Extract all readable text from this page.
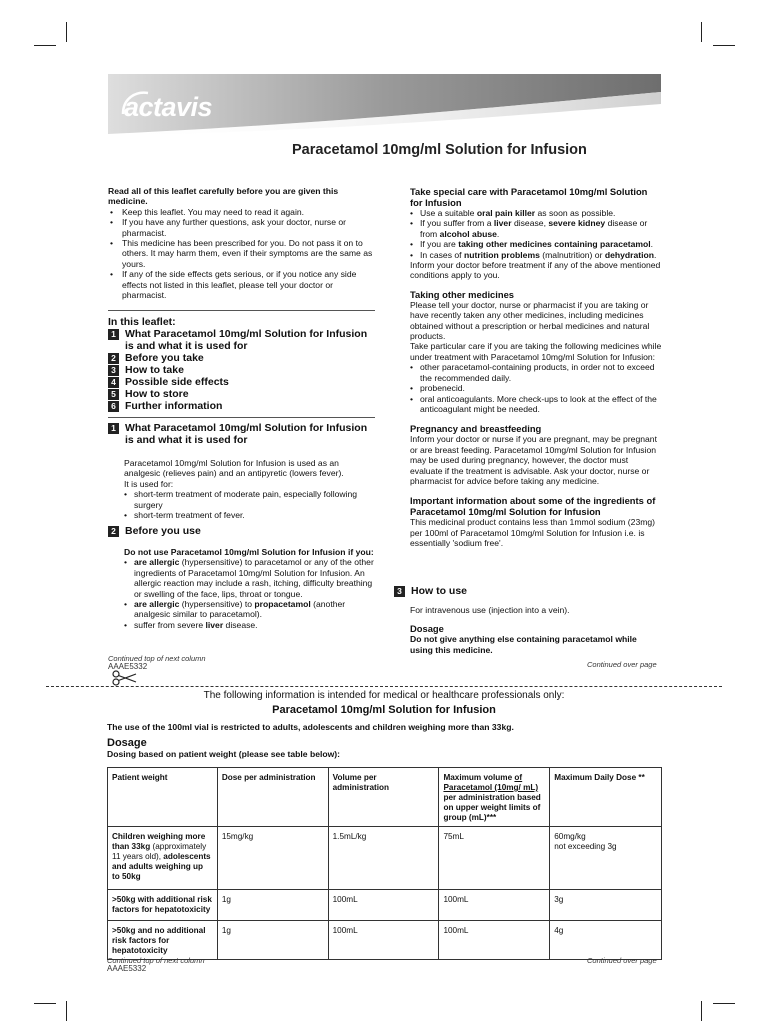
actavis
Paracetamol 10mg/ml Solution for Infusion

Read all of this leaflet carefully before you are given this medicine.

• Keep this leaflet. You may need to read it again.
• If you have any further questions, ask your doctor, nurse or pharmacist.
• This medicine has been prescribed for you. Do not pass it on to others. It may harm them, even if their symptoms are the same as yours.
• If any of the side effects gets serious, or if you notice any side effects not listed in this leaflet, please tell your doctor or pharmacist.
In this leaflet:
1 What Paracetamol 10mg/ml Solution for Infusion is and what it is used for
2 Before you take
3 How to take
4 Possible side effects
5 How to store
6 Further information
1 What Paracetamol 10mg/ml Solution for Infusion is and what it is used for

Paracetamol 10mg/ml Solution for Infusion is used as an analgesic (relieves pain) and an antipyretic (lowers fever).

It is used for:

• short-term treatment of moderate pain, especially following surgery
• short-term treatment of fever.
2 Before you use

Do not use Paracetamol 10mg/ml Solution for Infusion if you:

• are allergic (hypersensitive) to paracetamol or any of the other ingredients of Paracetamol 10mg/ml Solution for Infusion. An allergic reaction may include a rash, itching, difficulty breathing or swelling of the face, lips, throat or tongue.
• are allergic (hypersensitive) to propacetamol (another analgesic similar to paracetamol).
• suffer from severe liver disease.
Continued top of next column
AAAE5332

Take special care with Paracetamol 10mg/ml Solution for Infusion

• Use a suitable oral pain killer as soon as possible.
• If you suffer from a liver disease, severe kidney disease or from alcohol abuse.
• If you are taking other medicines containing paracetamol.
• In cases of nutrition problems (malnutrition) or dehydration.

Inform your doctor before treatment if any of the above mentioned conditions apply to you.

Taking other medicines

Please tell your doctor, nurse or pharmacist if you are taking or have recently taken any other medicines, including medicines obtained without a prescription or herbal medicines and natural products.

Take particular care if you are taking the following medicines while under treatment with Paracetamol 10mg/ml Solution for Infusion:

• other paracetamol-containing products, in order not to exceed the recommended daily.
• probenecid.
• oral anticoagulants. More check-ups to look at the effect of the anticoagulant might be needed.

Pregnancy and breastfeeding

Inform your doctor or nurse if you are pregnant, may be pregnant or are breast feeding. Paracetamol 10mg/ml Solution for Infusion may be used during pregnancy, however, the doctor must evaluate if the treatment is advisable. Ask your doctor, nurse or pharmacist for advice before taking any medicine.

Important information about some of the ingredients of Paracetamol 10mg/ml Solution for Infusion

This medicinal product contains less than 1mmol sodium (23mg) per 100ml of Paracetamol 10mg/ml Solution for Infusion i.e. is essentially 'sodium free'.

3 How to use

For intravenous use (injection into a vein).

Dosage

Do not give anything else containing paracetamol while using this medicine.

Continued over page
The following information is intended for medical or healthcare professionals only:
Paracetamol 10mg/ml Solution for Infusion
The use of the 100ml vial is restricted to adults, adolescents and children weighing more than 33kg.
Dosage
Dosing based on patient weight (please see table below):
Patient weight	Dose per administration	Volume per administration	Maximum volume of Paracetamol (10mg/ mL) per administration based on upper weight limits of group (mL)***	Maximum Daily Dose **
Children weighing more than 33kg (approximately 11 years old), adolescents and adults weighing up to 50kg	15mg/kg	1.5mL/kg	75mL	60mg/kg
not exceeding 3g
>50kg with additional risk factors for hepatotoxicity	1g	100mL	100mL	3g
>50kg and no additional risk factors for hepatotoxicity	1g	100mL	100mL	4g
Continued top of next column
AAAE5332
Continued over page
